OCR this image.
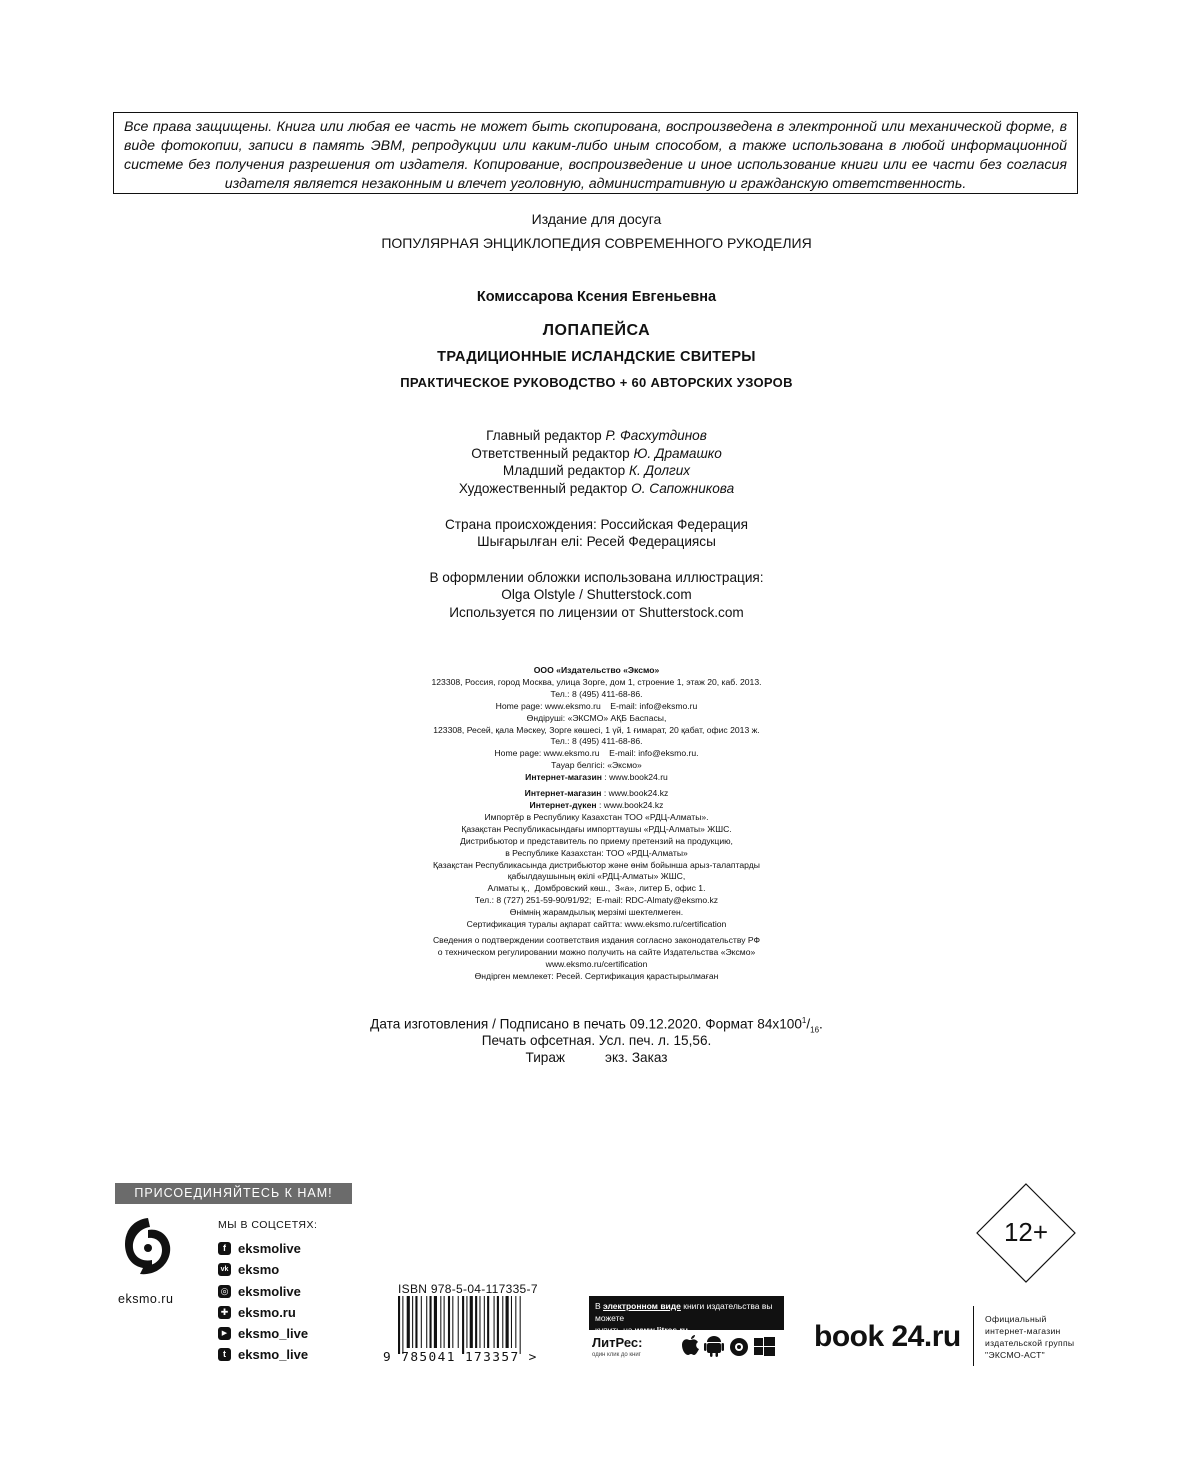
Все права защищены. Книга или любая ее часть не может быть скопирована, воспроизведена в электронной или механической форме, в виде фотокопии, записи в память ЭВМ, репродукции или каким-либо иным способом, а также использована в любой информационной системе без получения разрешения от издателя. Копирование, воспроизведение и иное использование книги или ее части без согласия издателя является незаконным и влечет уголовную, административную и гражданскую ответственность.
Издание для досуга
ПОПУЛЯРНАЯ ЭНЦИКЛОПЕДИЯ СОВРЕМЕННОГО РУКОДЕЛИЯ
Комиссарова Ксения Евгеньевна
ЛОПАПЕЙСА
ТРАДИЦИОННЫЕ ИСЛАНДСКИЕ СВИТЕРЫ
ПРАКТИЧЕСКОЕ РУКОВОДСТВО + 60 АВТОРСКИХ УЗОРОВ
Главный редактор Р. Фасхутдинов
Ответственный редактор Ю. Драмашко
Младший редактор К. Долгих
Художественный редактор О. Сапожникова
Страна происхождения: Российская Федерация
Шығарылған елі: Ресей Федерациясы
В оформлении обложки использована иллюстрация:
Olga Olstyle / Shutterstock.com
Используется по лицензии от Shutterstock.com
ООО «Издательство «Эксмо»
123308, Россия, город Москва, улица Зорге, дом 1, строение 1, этаж 20, каб. 2013.
Тел.: 8 (495) 411-68-86.
Home page: www.eksmo.ru    E-mail: info@eksmo.ru
Өндіруші: «ЭКСМО» АҚБ Баспасы,
123308, Ресей, қала Мәскеу, Зорге көшесі, 1 үй, 1 ғимарат, 20 қабат, офис 2013 ж.
Тел.: 8 (495) 411-68-86.
Home page: www.eksmo.ru    E-mail: info@eksmo.ru.
Тауар белгісі: «Эксмо»
Интернет-магазин : www.book24.ru
Интернет-магазин : www.book24.kz
Интернет-дүкен : www.book24.kz
Импортёр в Республику Казахстан ТОО «РДЦ-Алматы».
Қазақстан Республикасындағы импорттаушы «РДЦ-Алматы» ЖШС.
Дистрибьютор и представитель по приему претензий на продукцию,
в Республике Казахстан: ТОО «РДЦ-Алматы»
Қазақстан Республикасында дистрибьютор және өнім бойынша арыз-талаптарды
қабылдаушының өкілі «РДЦ-Алматы» ЖШС,
Алматы қ.,  Домбровский көш.,  3«а», литер Б, офис 1.
Тел.: 8 (727) 251-59-90/91/92;  E-mail: RDC-Almaty@eksmo.kz
Өнімнің жарамдылық мерзімі шектелмеген.
Сертификация туралы ақпарат сайтта: www.eksmo.ru/certification
Сведения о подтверждении соответствия издания согласно законодательству РФ
о техническом регулировании можно получить на сайте Издательства «Эксмо»
www.eksmo.ru/certification
Өндірген мемлекет: Ресей. Сертификация қарастырылмаған
Дата изготовления / Подписано в печать 09.12.2020. Формат $84х100^1/_{16}$.
Печать офсетная. Усл. печ. л. 15,56.
Тираж	экз. Заказ
ПРИСОЕДИНЯЙТЕСЬ К НАМ!
eksmo.ru
МЫ В СОЦСЕТЯХ:
f eksmolive
vk eksmo
◎ eksmolive
✚ eksmo.ru
▶ eksmo_live
t eksmo_live
ISBN 978-5-04-117335-7
9 785041 173357 >
В электронном виде книги издательства вы можете
купить на www.litres.ru
ЛитРес:
один клик до книг
book 24.ru
Официальный
интернет-магазин
издательской группы
"ЭКСМО-АСТ"
12+
